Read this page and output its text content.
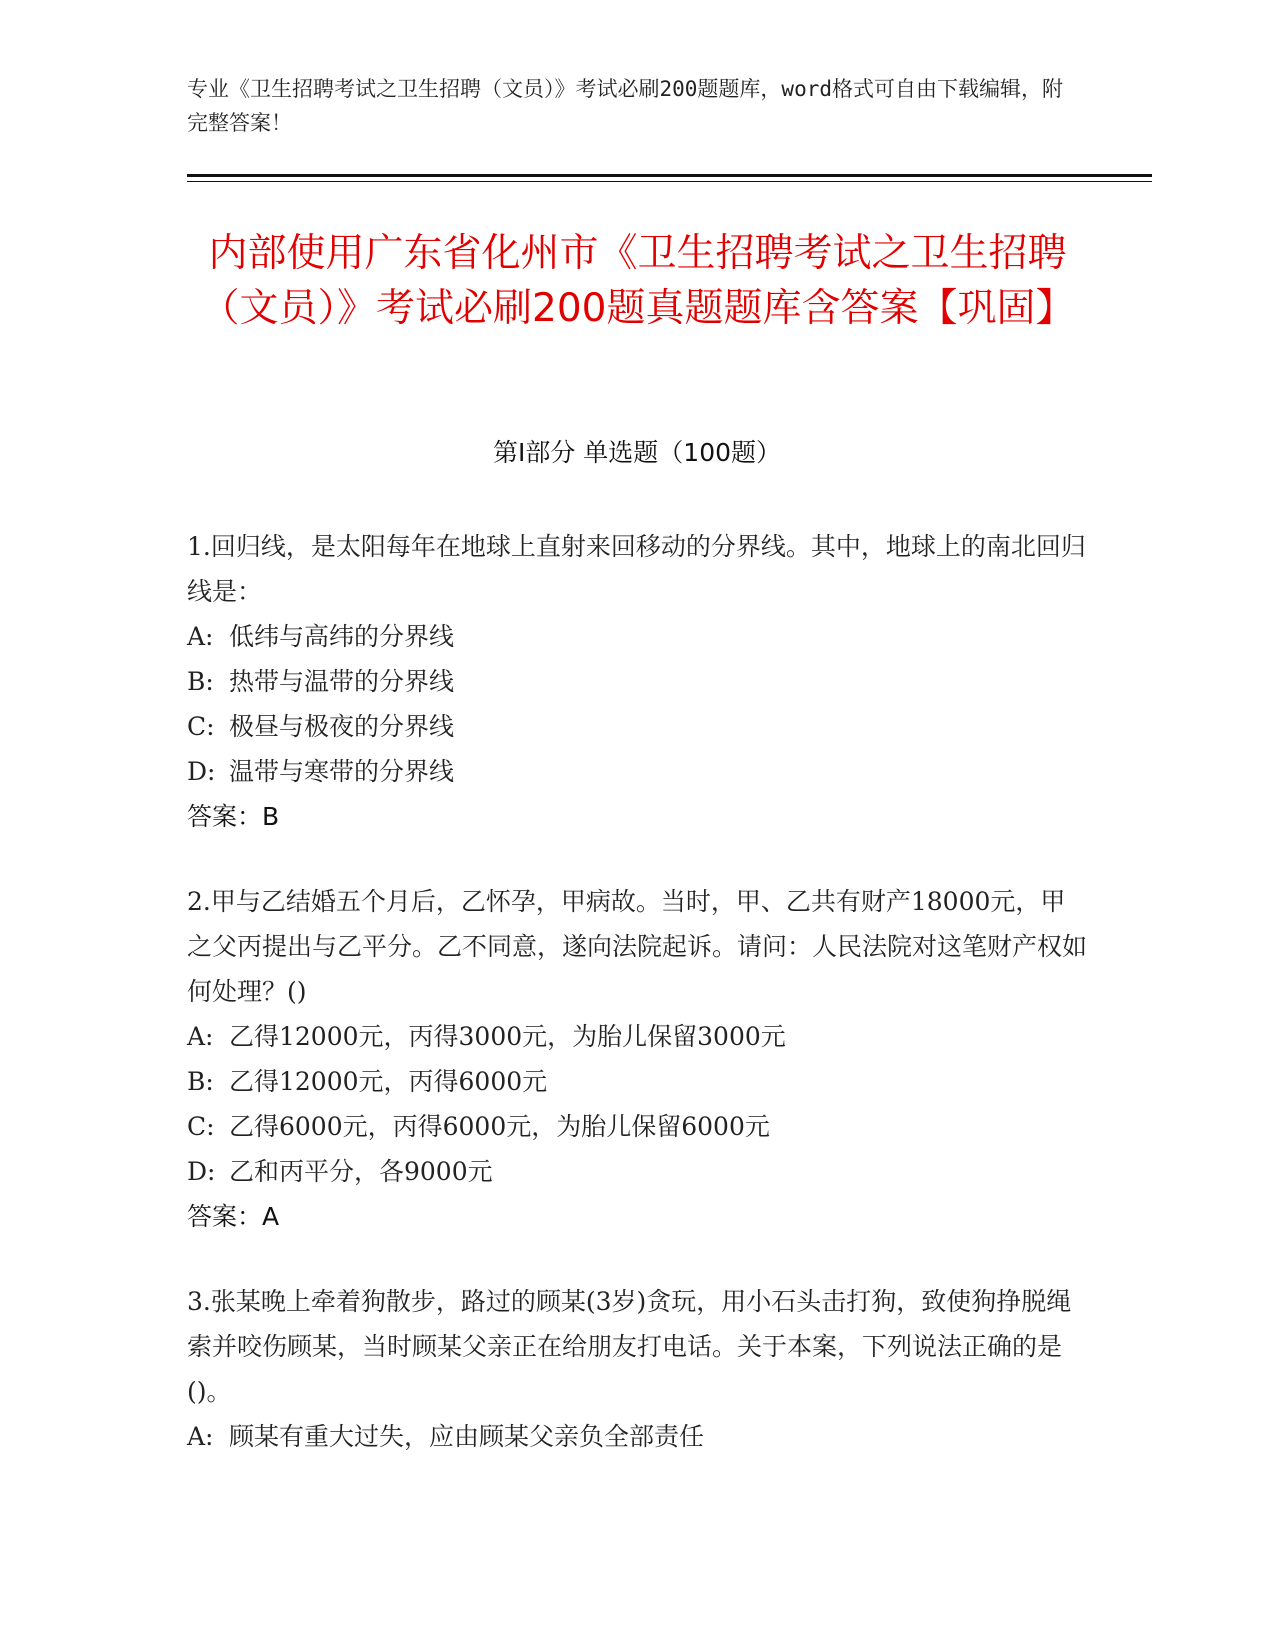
专业《卫生招聘考试之卫生招聘（文员）》考试必刷200题题库，word格式可自由下载编辑，附完整答案！
内部使用广东省化州市《卫生招聘考试之卫生招聘（文员）》考试必刷200题真题题库含答案【巩固】
第I部分 单选题（100题）
1.回归线，是太阳每年在地球上直射来回移动的分界线。其中，地球上的南北回归线是：
A: 低纬与高纬的分界线
B: 热带与温带的分界线
C: 极昼与极夜的分界线
D: 温带与寒带的分界线
答案：B
2.甲与乙结婚五个月后，乙怀孕，甲病故。当时，甲、乙共有财产18000元，甲之父丙提出与乙平分。乙不同意，遂向法院起诉。请问：人民法院对这笔财产权如何处理？()
A: 乙得12000元，丙得3000元，为胎儿保留3000元
B: 乙得12000元，丙得6000元
C: 乙得6000元，丙得6000元，为胎儿保留6000元
D: 乙和丙平分，各9000元
答案：A
3.张某晚上牵着狗散步，路过的顾某(3岁)贪玩，用小石头击打狗，致使狗挣脱绳索并咬伤顾某，当时顾某父亲正在给朋友打电话。关于本案，下列说法正确的是()。
A: 顾某有重大过失，应由顾某父亲负全部责任
